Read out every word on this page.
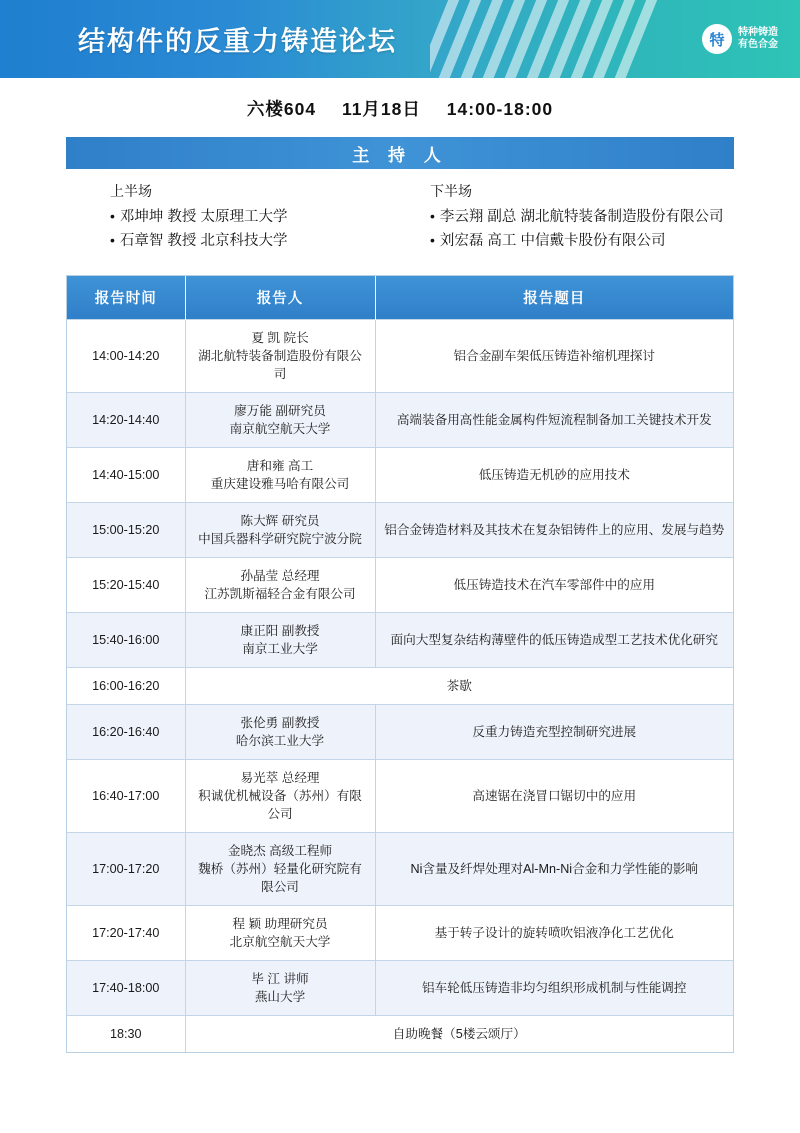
结构件的反重力铸造论坛	特	特种铸造
有色合金
六楼604 11月18日 14:00-18:00
主 持 人
上半场
• 邓坤坤 教授 太原理工大学
• 石章智 教授 北京科技大学
下半场
• 李云翔 副总 湖北航特装备制造股份有限公司
• 刘宏磊 高工 中信戴卡股份有限公司
报告时间	报告人	报告题目
14:00-14:20	夏 凯 院长
湖北航特装备制造股份有限公司	铝合金副车架低压铸造补缩机理探讨
14:20-14:40	廖万能 副研究员
南京航空航天大学	高端装备用高性能金属构件短流程制备加工关键技术开发
14:40-15:00	唐和雍 高工
重庆建设雅马哈有限公司	低压铸造无机砂的应用技术
15:00-15:20	陈大辉 研究员
中国兵器科学研究院宁波分院	铝合金铸造材料及其技术在复杂铝铸件上的应用、发展与趋势
15:20-15:40	孙晶莹 总经理
江苏凯斯福轻合金有限公司	低压铸造技术在汽车零部件中的应用
15:40-16:00	康正阳 副教授
南京工业大学	面向大型复杂结构薄壁件的低压铸造成型工艺技术优化研究
16:00-16:20	茶歇	
16:20-16:40	张伦勇 副教授
哈尔滨工业大学	反重力铸造充型控制研究进展
16:40-17:00	易光萃 总经理
积诚优机械设备（苏州）有限公司	高速锯在浇冒口锯切中的应用
17:00-17:20	金晓杰 高级工程师
魏桥（苏州）轻量化研究院有限公司	Ni含量及纤焊处理对Al-Mn-Ni合金和力学性能的影响
17:20-17:40	程 颖 助理研究员
北京航空航天大学	基于转子设计的旋转喷吹铝液净化工艺优化
17:40-18:00	毕 江 讲师
燕山大学	铝车轮低压铸造非均匀组织形成机制与性能调控
18:30	自助晚餐（5楼云颂厅）	
